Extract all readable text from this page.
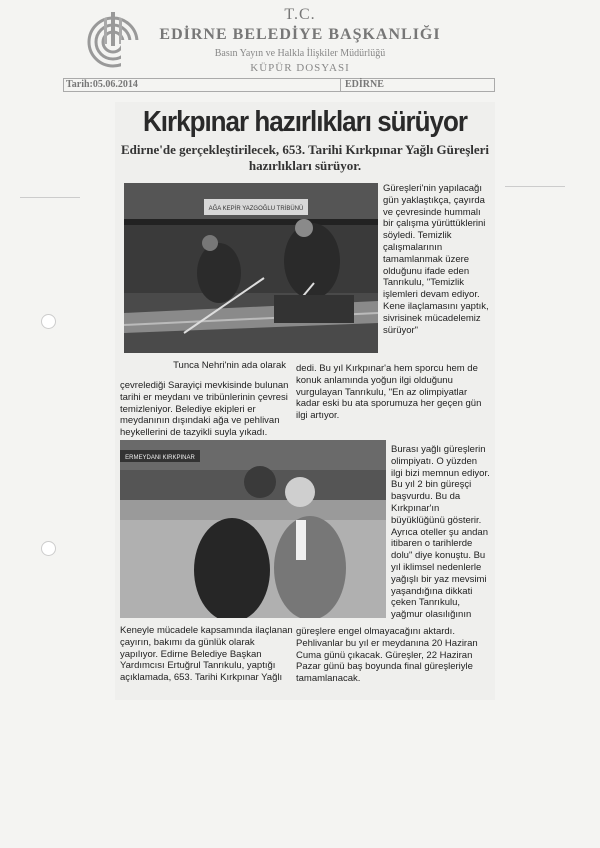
T.C.
EDİRNE BELEDİYE BAŞKANLIĞI
Basın Yayın ve Halkla İlişkiler Müdürlüğü
KÜPÜR DOSYASI
Tarih:05.06.2014	EDİRNE
Kırkpınar hazırlıkları sürüyor
Edirne'de gerçekleştirilecek, 653. Tarihi Kırkpınar Yağlı Güreşleri hazırlıkları sürüyor.
AĞA KEPİR YAZGOĞLU TRİBÜNÜ

Tunca Nehri'nin ada olarak

çevrelediği Sarayiçi mevkisinde bulunan tarihi er meydanı ve tribünlerinin çevresi temizleniyor. Belediye ekipleri er meydanının dışındaki ağa ve pehlivan heykellerini de tazyikli suyla yıkadı.

Güreşleri'nin yapılacağı gün yaklaştıkça, çayırda ve çevresinde hummalı bir çalışma yürüttüklerini söyledi. Temizlik çalışmalarının tamamlanmak üzere olduğunu ifade eden Tanrıkulu, "Temizlik işlemleri devam ediyor. Kene ilaçlamasını yaptık, sivrisinek mücadelemiz sürüyor"

dedi. Bu yıl Kırkpınar'a hem sporcu hem de konuk anlamında yoğun ilgi olduğunu vurgulayan Tanrıkulu, "En az olimpiyatlar kadar eski bu ata sporumuza her geçen gün ilgi artıyor.

ERMEYDANI KIRKPINAR

Burası yağlı güreşlerin olimpiyatı. O yüzden ilgi bizi memnun ediyor. Bu yıl 2 bin güreşçi başvurdu. Bu da Kırkpınar'ın büyüklüğünü gösterir. Ayrıca oteller şu andan itibaren o tarihlerde dolu" diye konuştu. Bu yıl iklimsel nedenlerle yağışlı bir yaz mevsimi yaşandığına dikkati çeken Tanrıkulu, yağmur olasılığının

Keneyle mücadele kapsamında ilaçlanan çayırın, bakımı da günlük olarak yapılıyor. Edirne Belediye Başkan Yardımcısı Ertuğrul Tanrıkulu, yaptığı açıklamada, 653. Tarihi Kırkpınar Yağlı

güreşlere engel olmayacağını aktardı. Pehlivanlar bu yıl er meydanına 20 Haziran Cuma günü çıkacak. Güreşler, 22 Haziran Pazar günü baş boyunda final güreşleriyle tamamlanacak.
